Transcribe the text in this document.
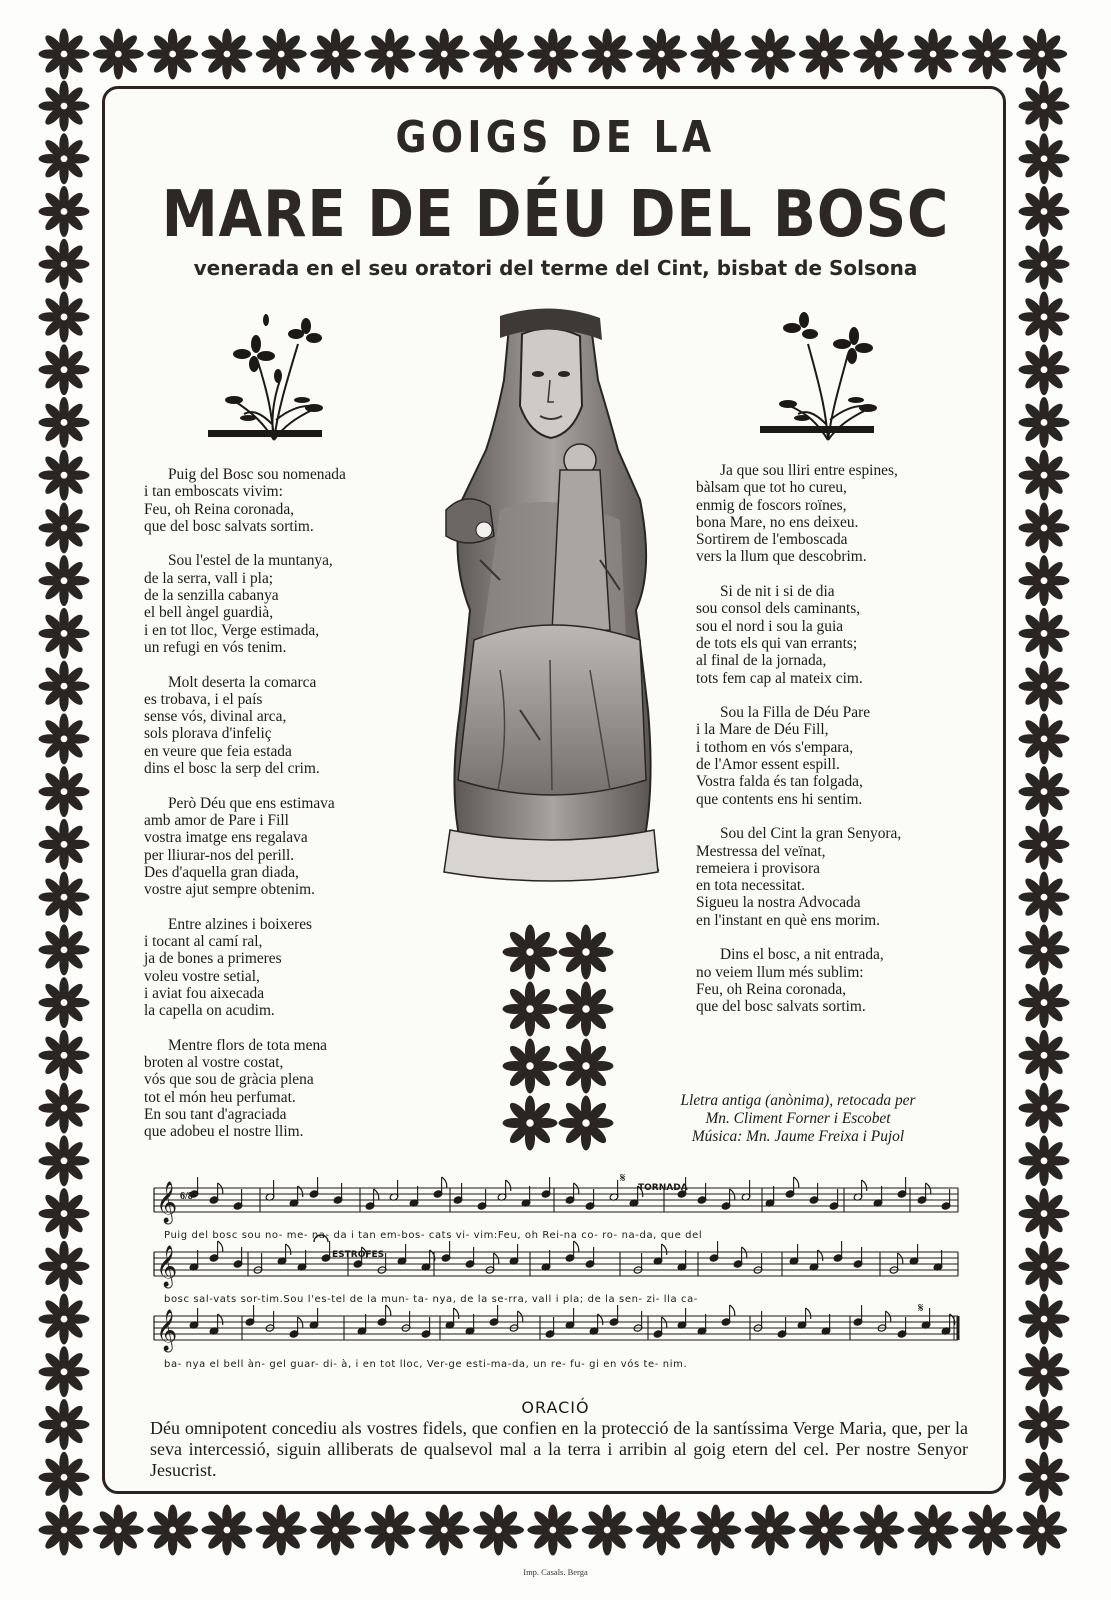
GOIGS DE LA
MARE DE DÉU DEL BOSC
venerada en el seu oratori del terme del Cint, bisbat de Solsona
Puig del Bosc sou nomenada
i tan emboscats vivim:
Feu, oh Reina coronada,
que del bosc salvats sortim.
Sou l'estel de la muntanya,
de la serra, vall i pla;
de la senzilla cabanya
el bell àngel guardià,
i en tot lloc, Verge estimada,
un refugi en vós tenim.
Molt deserta la comarca
es trobava, i el país
sense vós, divinal arca,
sols plorava d'infeliç
en veure que feia estada
dins el bosc la serp del crim.
Però Déu que ens estimava
amb amor de Pare i Fill
vostra imatge ens regalava
per lliurar-nos del perill.
Des d'aquella gran diada,
vostre ajut sempre obtenim.
Entre alzines i boixeres
i tocant al camí ral,
ja de bones a primeres
voleu vostre setial,
i aviat fou aixecada
la capella on acudim.
Mentre flors de tota mena
broten al vostre costat,
vós que sou de gràcia plena
tot el món heu perfumat.
En sou tant d'agraciada
que adobeu el nostre llim.
Ja que sou lliri entre espines,
bàlsam que tot ho cureu,
enmig de foscors roïnes,
bona Mare, no ens deixeu.
Sortirem de l'emboscada
vers la llum que descobrim.
Si de nit i si de dia
sou consol dels caminants,
sou el nord i sou la guia
de tots els qui van errants;
al final de la jornada,
tots fem cap al mateix cim.
Sou la Filla de Déu Pare
i la Mare de Déu Fill,
i tothom en vós s'empara,
de l'Amor essent espill.
Vostra falda és tan folgada,
que contents ens hi sentim.
Sou del Cint la gran Senyora,
Mestressa del veïnat,
remeiera i provisora
en tota necessitat.
Sigueu la nostra Advocada
en l'instant en què ens morim.
Dins el bosc, a nit entrada,
no veiem llum més sublim:
Feu, oh Reina coronada,
que del bosc salvats sortim.
Lletra antiga (anònima), retocada per
Mn. Climent Forner i Escobet
Música: Mn. Jaume Freixa i Pujol
𝄞
𝄞
𝄞
6/8
𝄋
𝄋
TORNADA
ESTROFES
Puig del bosc sou no- me- na- da i tan em-bos- cats vi- vim:Feu, oh Rei-na co- ro- na-da, que del
bosc sal-vats sor-tim.Sou l'es-tel de la mun- ta- nya, de la se-rra, vall i pla; de la sen- zi- lla ca-
ba- nya el bell àn- gel guar- di- à, i en tot lloc, Ver-ge esti-ma-da, un re- fu- gi en vós te- nim.
ORACIÓ
Déu omnipotent concediu als vostres fidels, que confien en la protecció de la santíssima Verge Maria, que, per la seva intercessió, siguin alliberats de qualsevol mal a la terra i arribin al goig etern del cel. Per nostre Senyor Jesucrist.
Imp. Casals. Berga
